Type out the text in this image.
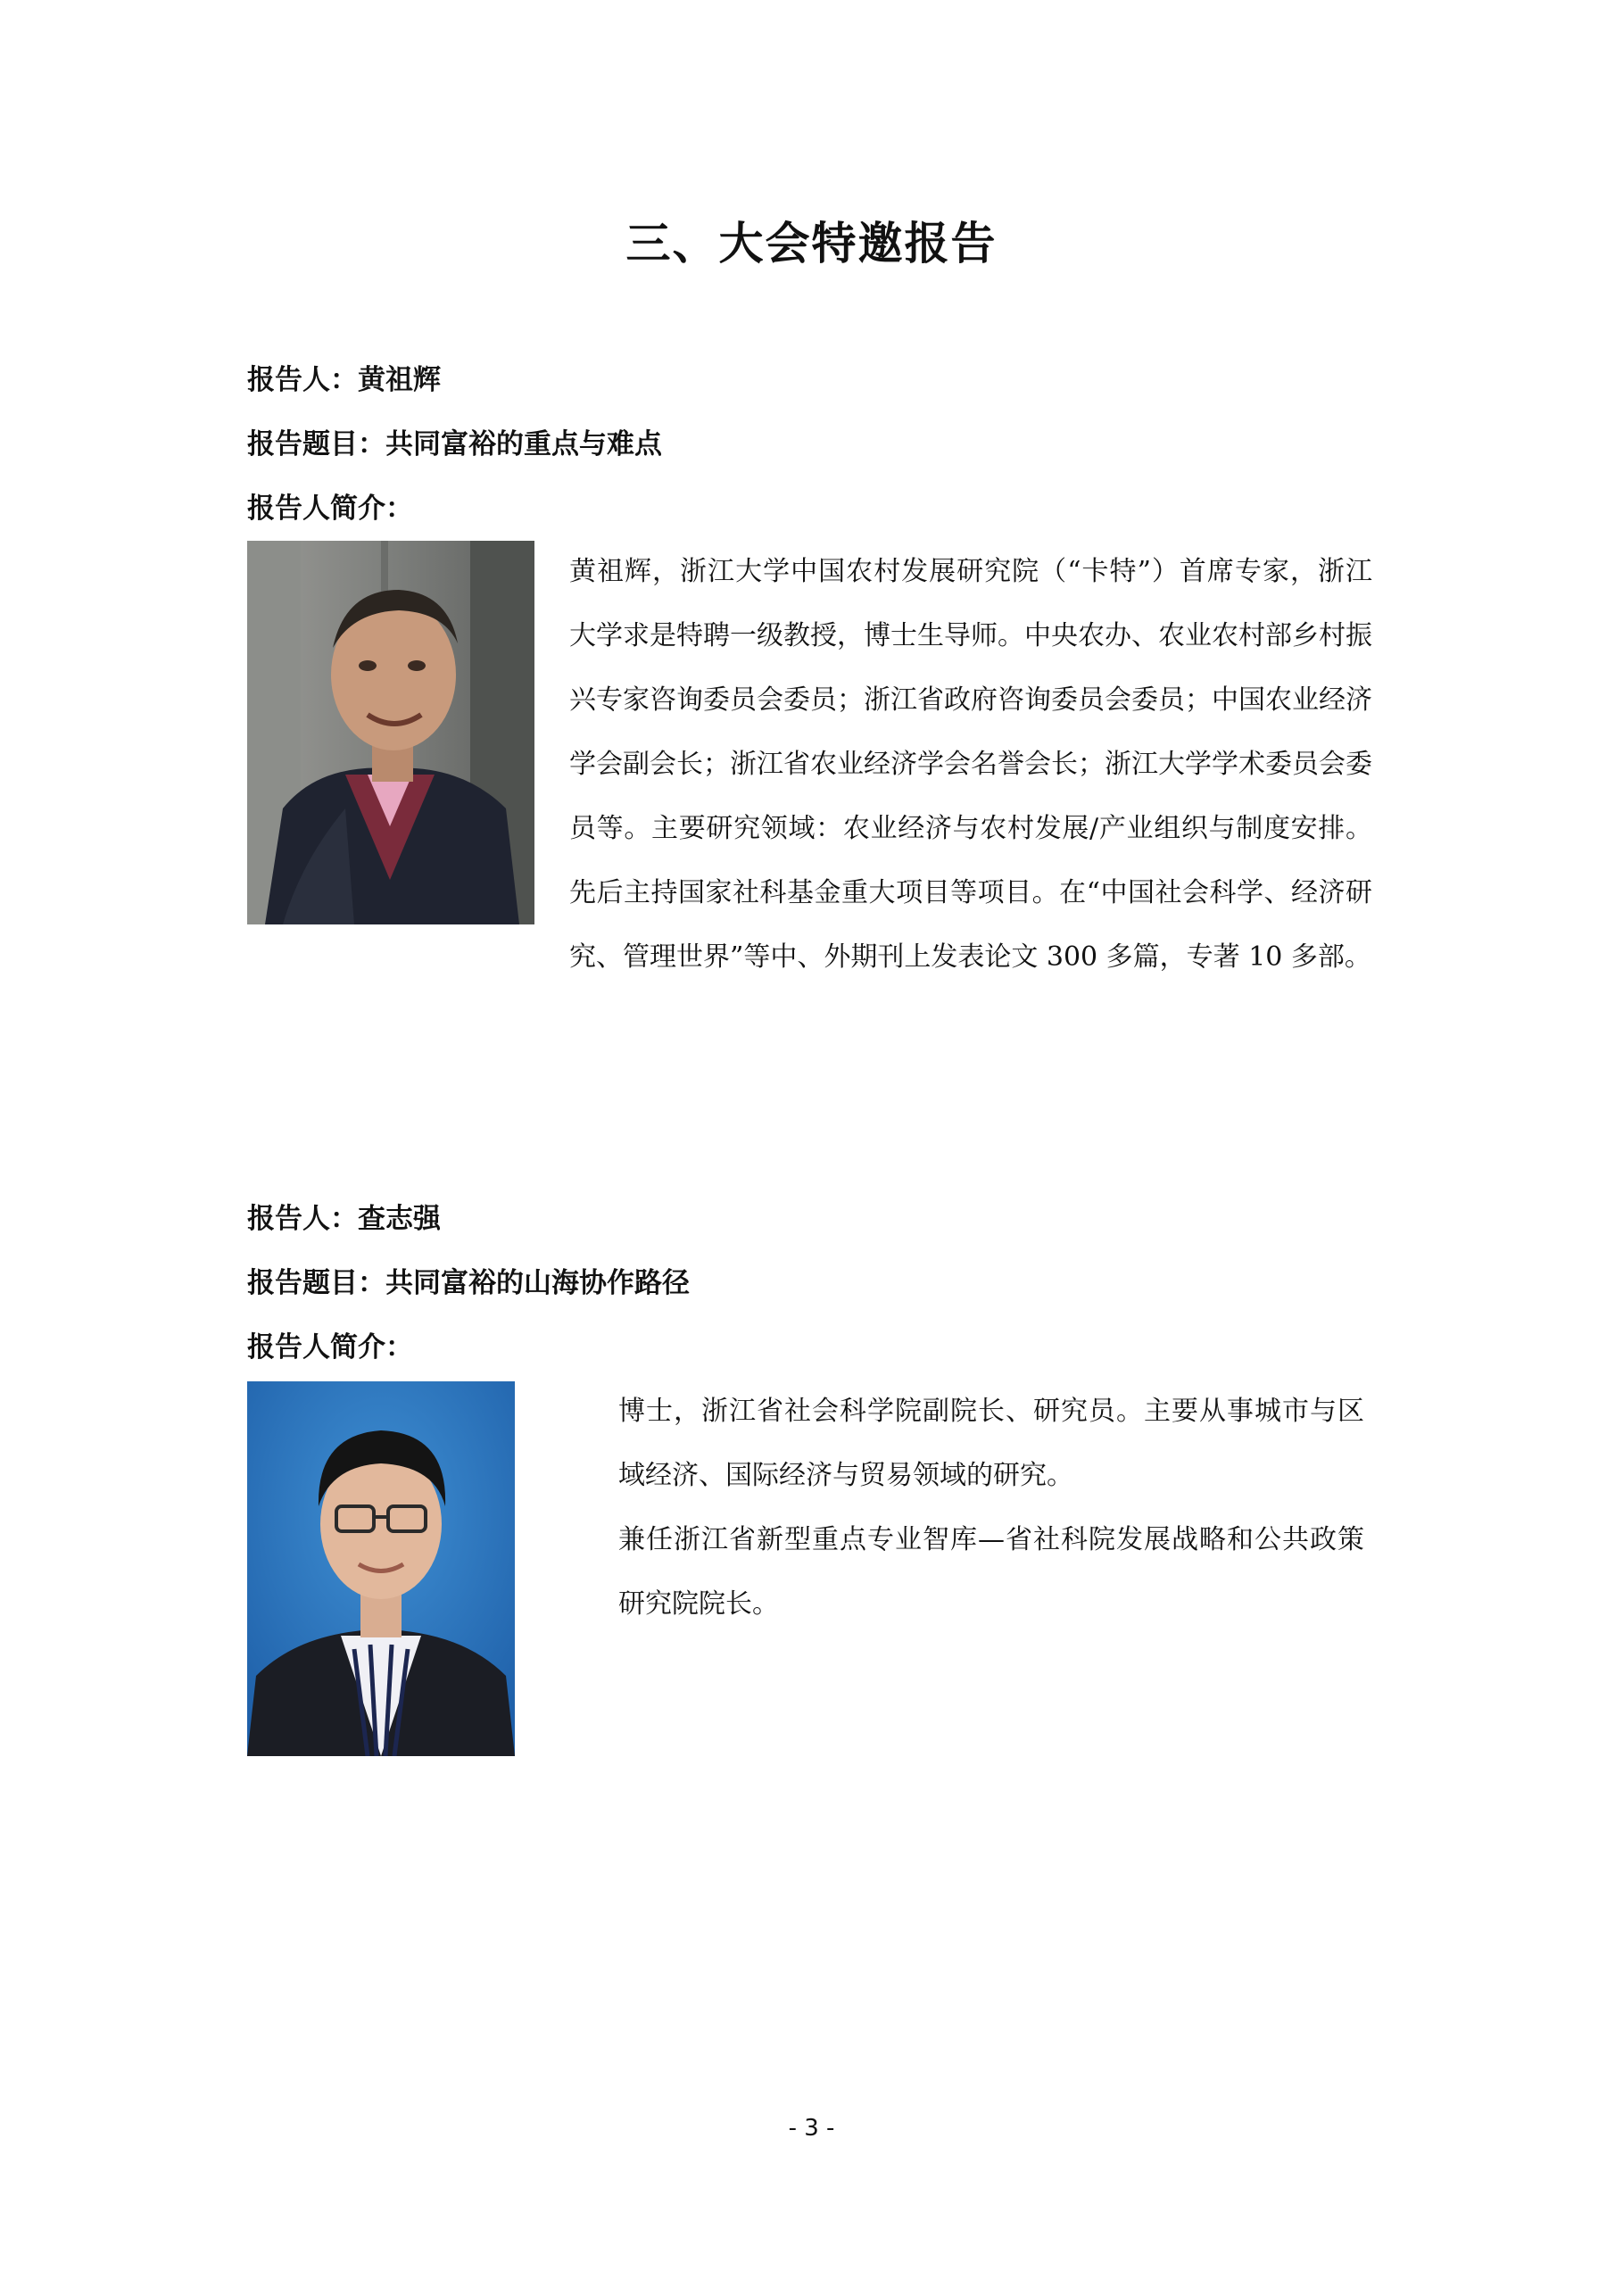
三、大会特邀报告
报告人：黄祖辉
报告题目：共同富裕的重点与难点
报告人简介：

黄祖辉，浙江大学中国农村发展研究院（“卡特”）首席专家，浙江大学求是特聘一级教授，博士生导师。中央农办、农业农村部乡村振兴专家咨询委员会委员；浙江省政府咨询委员会委员；中国农业经济学会副会长；浙江省农业经济学会名誉会长；浙江大学学术委员会委员等。主要研究领域：农业经济与农村发展/产业组织与制度安排。先后主持国家社科基金重大项目等项目。在“中国社会科学、经济研究、管理世界”等中、外期刊上发表论文 300 多篇，专著 10 多部。

报告人：查志强
报告题目：共同富裕的山海协作路径
报告人简介：

博士，浙江省社会科学院副院长、研究员。主要从事城市与区域经济、国际经济与贸易领域的研究。

兼任浙江省新型重点专业智库—省社科院发展战略和公共政策研究院院长。

- 3 -
